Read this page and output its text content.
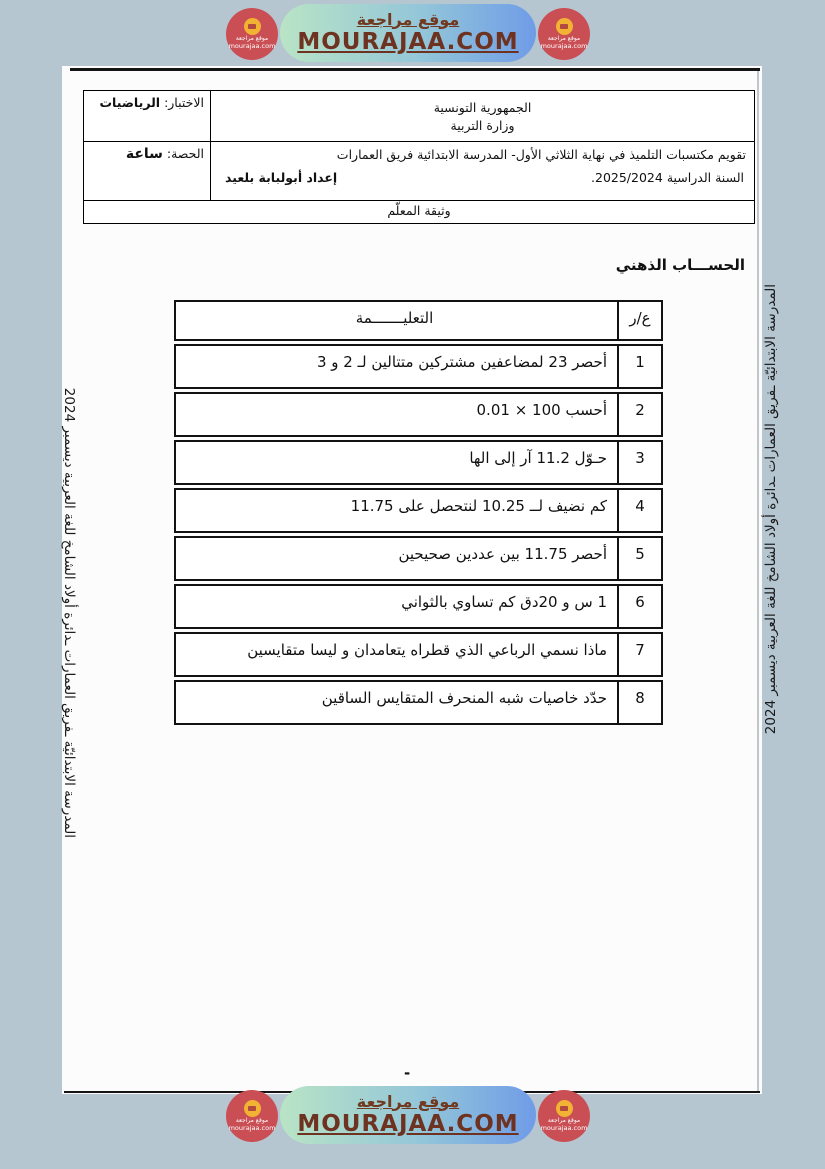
موقع مراجعة
MOURAJAA.COM
موقع مراجعة
mourajaa.com
موقع مراجعة
mourajaa.com
الجمهورية التونسية
وزارة التربية
الاختبار: الرياضيات
تقويم مكتسبات التلميذ في نهاية الثلاثي الأول- المدرسة الابتدائية فريق العمارات
السنة الدراسية 2025/2024.
إعداد أبولبابة بلعيد
الحصة: ساعة
وثيقة المعلّم
الحســـاب الذهني
ع/ر
التعليـــــــمة
1
أحصر 23 لمضاعفين مشتركين متتالين لـ 2 و 3
2
أحسب 100 × 0.01
3
حـوّل 11.2 آر إلى الها
4
كم نضيف لــ 10.25 لنتحصل على 11.75
5
أحصر 11.75 بين عددين صحيحين
6
1 س و 20دق كم تساوي بالثواني
7
ماذا نسمي الرباعي الذي قطراه يتعامدان و ليسا متقايسين
8
حدّد خاصيات شبه المنحرف المتقايس الساقين
المدرسة الابتدائيّة ـفريق العمارات ـدائرة أولاد الشامخ للغة العربية ديسمبر 2024	المدرسة الابتدائيّة ـفريق العمارات ـدائرة أولاد الشامخ للغة العربية ديسمبر 2024
-
موقع مراجعة
MOURAJAA.COM
موقع مراجعة
mourajaa.com
موقع مراجعة
mourajaa.com
